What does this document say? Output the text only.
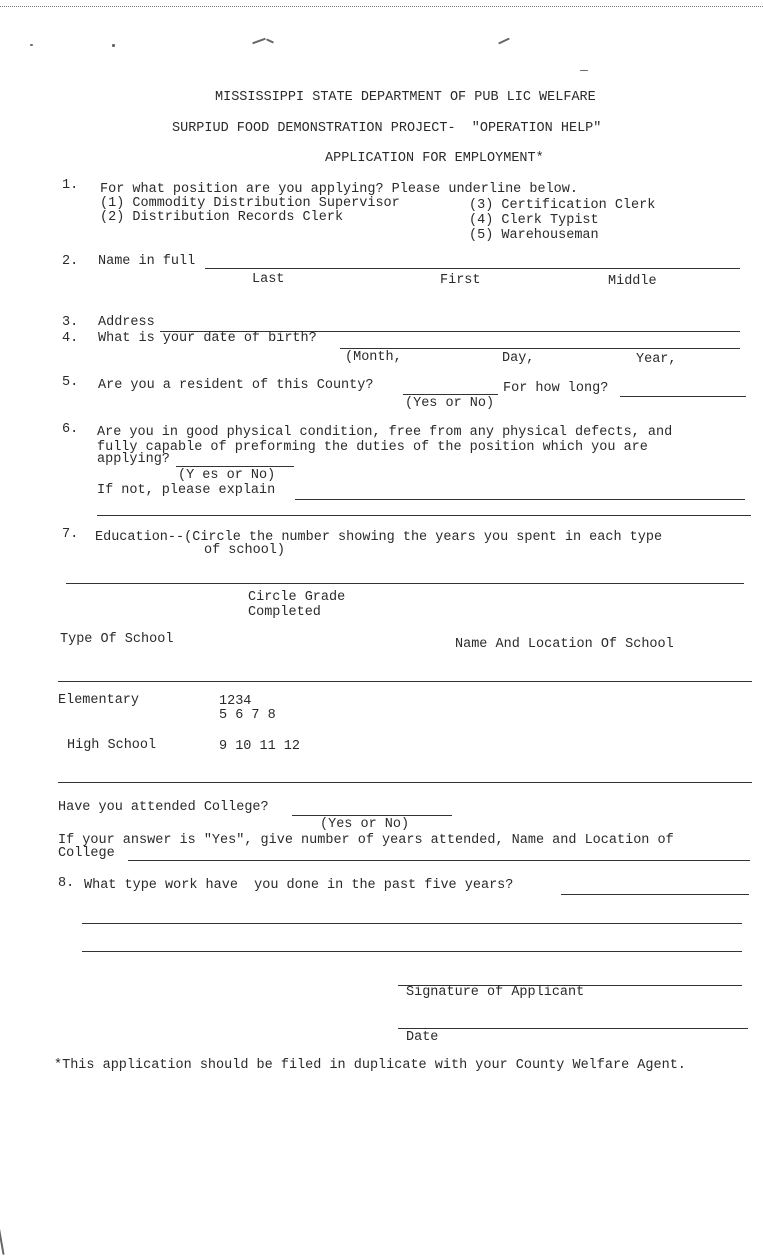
MISSISSIPPI STATE DEPARTMENT OF PUB LIC WELFARE
SURPIUD FOOD DEMONSTRATION PROJECT-  "OPERATION HELP"
APPLICATION FOR EMPLOYMENT*
1. For what position are you applying? Please underline below.
(1) Commodity Distribution Supervisor
(2) Distribution Records Clerk
(3) Certification Clerk
(4) Clerk Typist
(5) Warehouseman
2. Name in full
Last	First	Middle
3. Address
4. What is your date of birth?
(Month,	Day,	Year,
5. Are you a resident of this County?
(Yes or No)
For how long?
6. Are you in good physical condition, free from any physical defects, and
fully capable of preforming the duties of the position which you are
applying?
(Y es or No)
If not, please explain
7. Education--(Circle the number showing the years you spent in each type
of school)
Circle Grade
Completed
Type Of School	Name And Location Of School
Elementary	1234
5 6 7 8
High School	9 10 11 12
Have you attended College?
(Yes or No)
If your answer is "Yes", give number of years attended, Name and Location of
College
8. What type work have  you done in the past five years?
Signature of Applicant
Date
*This application should be filed in duplicate with your County Welfare Agent.
